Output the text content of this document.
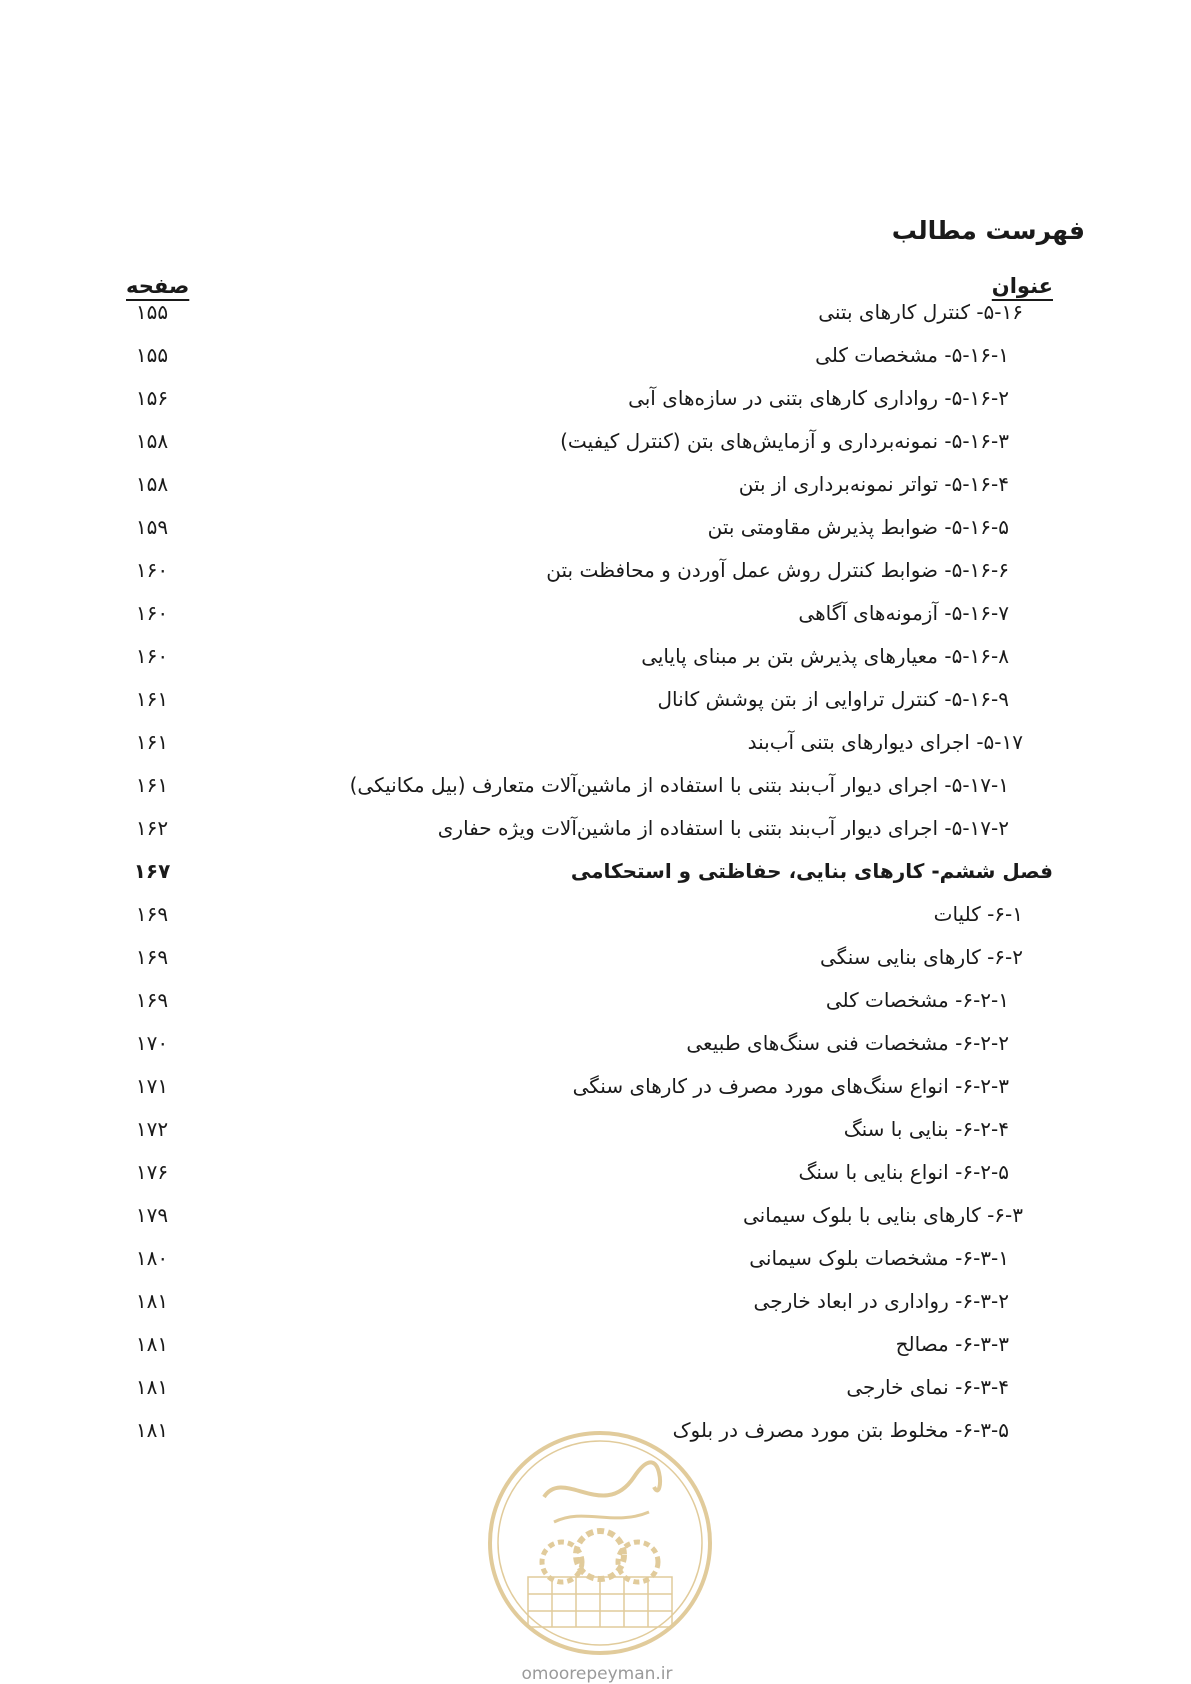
فهرست مطالب
عنوان
صفحه
۵-۱۶- کنترل کارهای بتنی
۱۵۵
۵-۱۶-۱- مشخصات کلی
۱۵۵
۵-۱۶-۲- رواداری کارهای بتنی در سازه‌های آبی
۱۵۶
۵-۱۶-۳- نمونه‌برداری و آزمایش‌های بتن (کنترل کیفیت)
۱۵۸
۵-۱۶-۴- تواتر نمونه‌برداری از بتن
۱۵۸
۵-۱۶-۵- ضوابط پذیرش مقاومتی بتن
۱۵۹
۵-۱۶-۶- ضوابط کنترل روش عمل آوردن و محافظت بتن
۱۶۰
۵-۱۶-۷- آزمونه‌های آگاهی
۱۶۰
۵-۱۶-۸- معیارهای پذیرش بتن بر مبنای پایایی
۱۶۰
۵-۱۶-۹- کنترل تراوایی از بتن پوشش کانال
۱۶۱
۵-۱۷- اجرای دیوارهای بتنی آب‌بند
۱۶۱
۵-۱۷-۱- اجرای دیوار آب‌بند بتنی با استفاده از ماشین‌آلات متعارف (بیل مکانیکی)
۱۶۱
۵-۱۷-۲- اجرای دیوار آب‌بند بتنی با استفاده از ماشین‌آلات ویژه حفاری
۱۶۲
فصل ششم- کارهای بنایی، حفاظتی و استحکامی
۱۶۷
۶-۱- کلیات
۱۶۹
۶-۲- کارهای بنایی سنگی
۱۶۹
۶-۲-۱- مشخصات کلی
۱۶۹
۶-۲-۲- مشخصات فنی سنگ‌های طبیعی
۱۷۰
۶-۲-۳- انواع سنگ‌های مورد مصرف در کارهای سنگی
۱۷۱
۶-۲-۴- بنایی با سنگ
۱۷۲
۶-۲-۵- انواع بنایی با سنگ
۱۷۶
۶-۳- کارهای بنایی با بلوک سیمانی
۱۷۹
۶-۳-۱- مشخصات بلوک سیمانی
۱۸۰
۶-۳-۲- رواداری در ابعاد خارجی
۱۸۱
۶-۳-۳- مصالح
۱۸۱
۶-۳-۴- نمای خارجی
۱۸۱
۶-۳-۵- مخلوط بتن مورد مصرف در بلوک
۱۸۱
omoorepeyman.ir
